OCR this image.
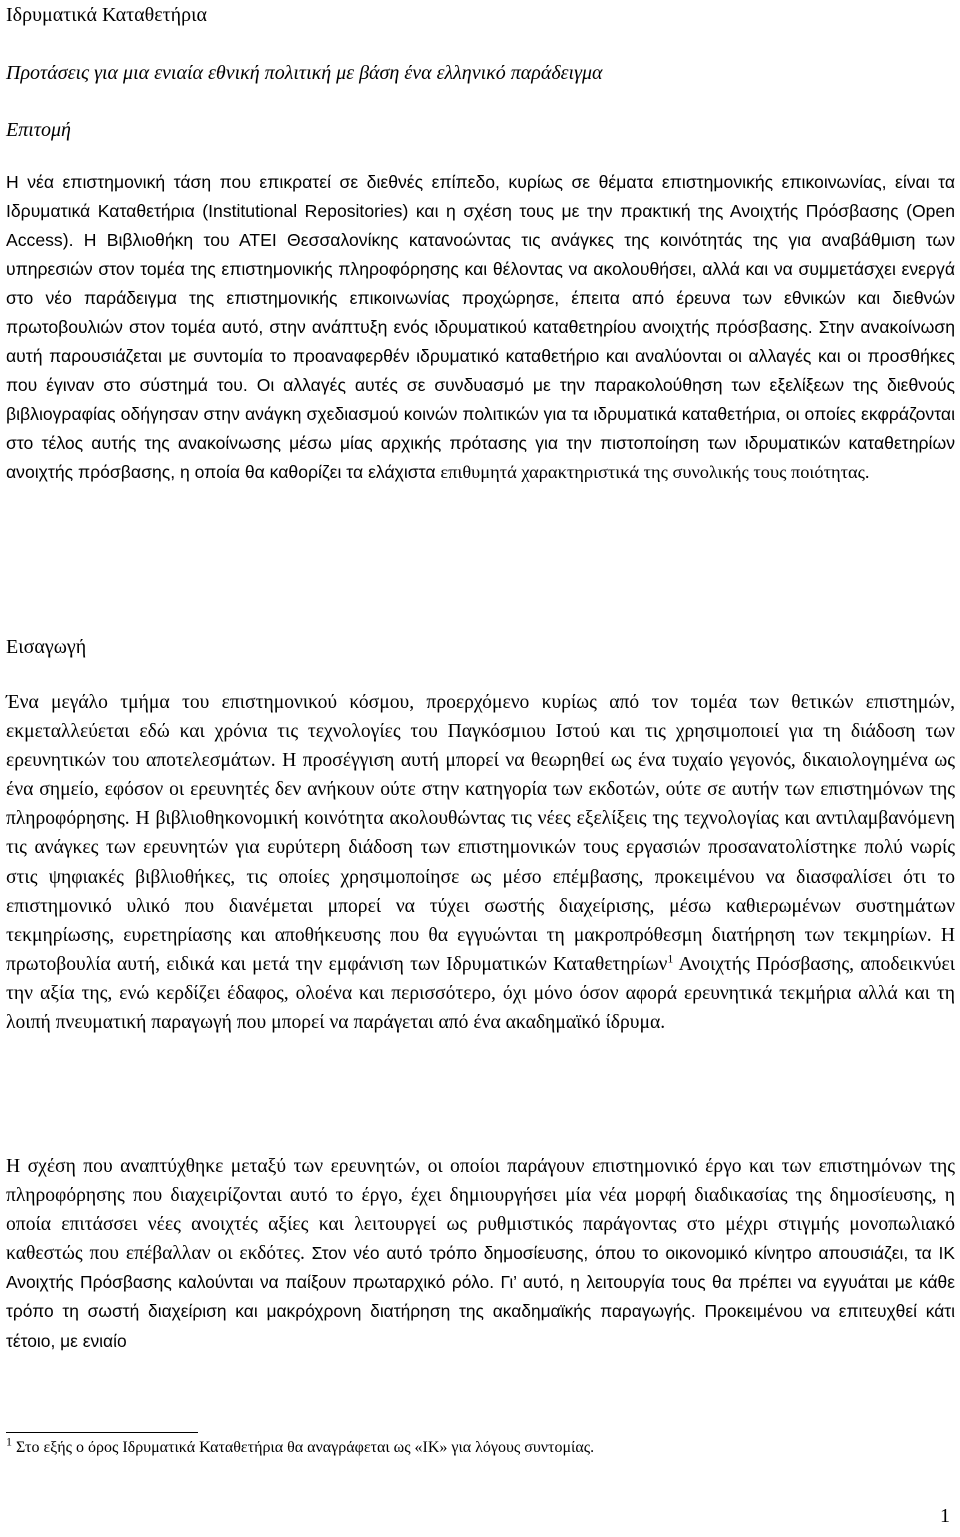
Ιδρυματικά Καταθετήρια
Προτάσεις για μια ενιαία εθνική πολιτική με βάση ένα ελληνικό παράδειγμα
Επιτομή

Η νέα επιστημονική τάση που επικρατεί σε διεθνές επίπεδο, κυρίως σε θέματα επιστημονικής επικοινωνίας, είναι τα Ιδρυματικά Καταθετήρια (Institutional Repositories) και η σχέση τους με την πρακτική της Ανοιχτής Πρόσβασης (Open Access). Η Βιβλιοθήκη του ΑΤΕΙ Θεσσαλονίκης κατανοώντας τις ανάγκες της κοινότητάς της για αναβάθμιση των υπηρεσιών στον τομέα της επιστημονικής πληροφόρησης και θέλοντας να ακολουθήσει, αλλά και να συμμετάσχει ενεργά στο νέο παράδειγμα της επιστημονικής επικοινωνίας προχώρησε, έπειτα από έρευνα των εθνικών και διεθνών πρωτοβουλιών στον τομέα αυτό, στην ανάπτυξη ενός ιδρυματικού καταθετηρίου ανοιχτής πρόσβασης. Στην ανακοίνωση αυτή παρουσιάζεται με συντομία το προαναφερθέν ιδρυματικό καταθετήριο και αναλύονται οι αλλαγές και οι προσθήκες που έγιναν στο σύστημά του. Οι αλλαγές αυτές σε συνδυασμό με την παρακολούθηση των εξελίξεων της διεθνούς βιβλιογραφίας οδήγησαν στην ανάγκη σχεδιασμού κοινών πολιτικών για τα ιδρυματικά καταθετήρια, οι οποίες εκφράζονται στο τέλος αυτής της ανακοίνωσης μέσω μίας αρχικής πρότασης για την πιστοποίηση των ιδρυματικών καταθετηρίων ανοιχτής πρόσβασης, η οποία θα καθορίζει τα ελάχιστα επιθυμητά χαρακτηριστικά της συνολικής τους ποιότητας.

Εισαγωγή

Ένα μεγάλο τμήμα του επιστημονικού κόσμου, προερχόμενο κυρίως από τον τομέα των θετικών επιστημών, εκμεταλλεύεται εδώ και χρόνια τις τεχνολογίες του Παγκόσμιου Ιστού και τις χρησιμοποιεί για τη διάδοση των ερευνητικών του αποτελεσμάτων. Η προσέγγιση αυτή μπορεί να θεωρηθεί ως ένα τυχαίο γεγονός, δικαιολογημένα ως ένα σημείο, εφόσον οι ερευνητές δεν ανήκουν ούτε στην κατηγορία των εκδοτών, ούτε σε αυτήν των επιστημόνων της πληροφόρησης. Η βιβλιοθηκονομική κοινότητα ακολουθώντας τις νέες εξελίξεις της τεχνολογίας και αντιλαμβανόμενη τις ανάγκες των ερευνητών για ευρύτερη διάδοση των επιστημονικών τους εργασιών προσανατολίστηκε πολύ νωρίς στις ψηφιακές βιβλιοθήκες, τις οποίες χρησιμοποίησε ως μέσο επέμβασης, προκειμένου να διασφαλίσει ότι το επιστημονικό υλικό που διανέμεται μπορεί να τύχει σωστής διαχείρισης, μέσω καθιερωμένων συστημάτων τεκμηρίωσης, ευρετηρίασης και αποθήκευσης που θα εγγυώνται τη μακροπρόθεσμη διατήρηση των τεκμηρίων. Η πρωτοβουλία αυτή, ειδικά και μετά την εμφάνιση των Ιδρυματικών Καταθετηρίων$^1$ Ανοιχτής Πρόσβασης, αποδεικνύει την αξία της, ενώ κερδίζει έδαφος, ολοένα και περισσότερο, όχι μόνο όσον αφορά ερευνητικά τεκμήρια αλλά και τη λοιπή πνευματική παραγωγή που μπορεί να παράγεται από ένα ακαδημαϊκό ίδρυμα.

Η σχέση που αναπτύχθηκε μεταξύ των ερευνητών, οι οποίοι παράγουν επιστημονικό έργο και των επιστημόνων της πληροφόρησης που διαχειρίζονται αυτό το έργο, έχει δημιουργήσει μία νέα μορφή διαδικασίας της δημοσίευσης, η οποία επιτάσσει νέες ανοιχτές αξίες και λειτουργεί ως ρυθμιστικός παράγοντας στο μέχρι στιγμής μονοπωλιακό καθεστώς που επέβαλλαν οι εκδότες. Στον νέο αυτό τρόπο δημοσίευσης, όπου το οικονομικό κίνητρο απουσιάζει, τα ΙΚ Ανοιχτής Πρόσβασης καλούνται να παίξουν πρωταρχικό ρόλο. Γι’ αυτό, η λειτουργία τους θα πρέπει να εγγυάται με κάθε τρόπο τη σωστή διαχείριση και μακρόχρονη διατήρηση της ακαδημαϊκής παραγωγής. Προκειμένου να επιτευχθεί κάτι τέτοιο, με ενιαίο

$^1$ Στο εξής ο όρος Ιδρυματικά Καταθετήρια θα αναγράφεται ως «ΙΚ» για λόγους συντομίας.

1
